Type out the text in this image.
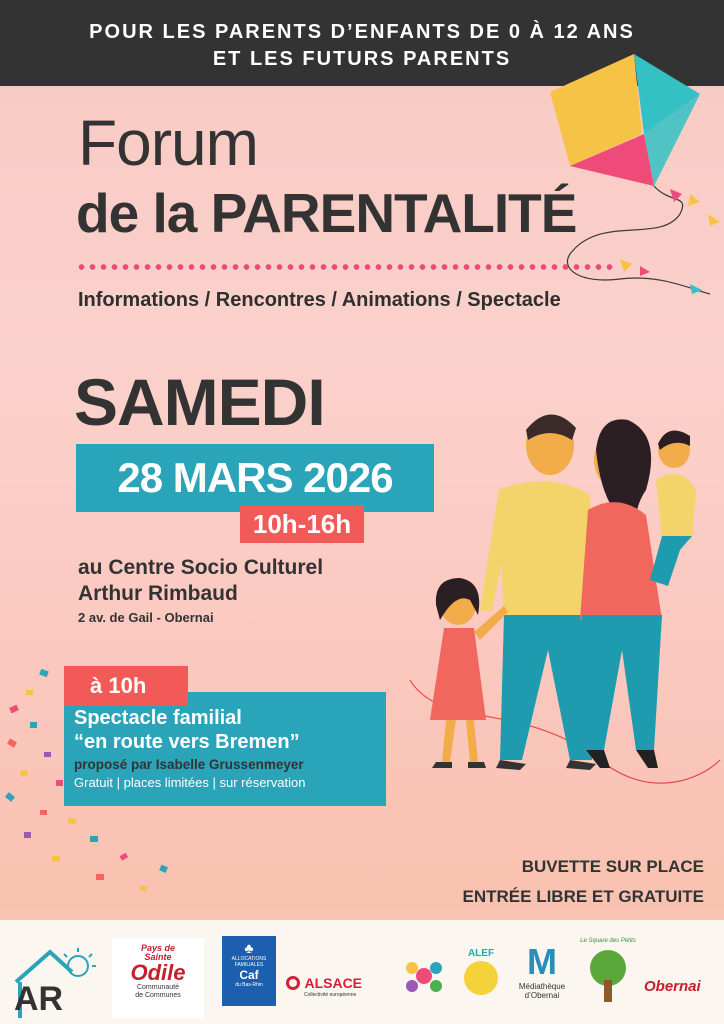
POUR LES PARENTS D’ENFANTS DE 0 À 12 ANS
ET LES FUTURS PARENTS
Forum
de la PARENTALITÉ
Informations / Rencontres / Animations / Spectacle
SAMEDI
28 MARS 2026
10h-16h
au Centre Socio Culturel
Arthur Rimbaud
2 av. de Gail - Obernai
Spectacle familial
“en route vers Bremen”
proposé par Isabelle Grussenmeyer
Gratuit | places limitées | sur réservation
à 10h
BUVETTE SUR PLACE
ENTRÉE LIBRE ET GRATUITE
AR
Pays de
Sainte
Odile
Communauté
de Communes
♣
ALLOCATIONS
FAMILIALES
Caf
du Bas-Rhin	ALSACE
Collectivité européenne
ALEF M
Médiathèque
d’Obernai
Le Square des Petits
Obernai
